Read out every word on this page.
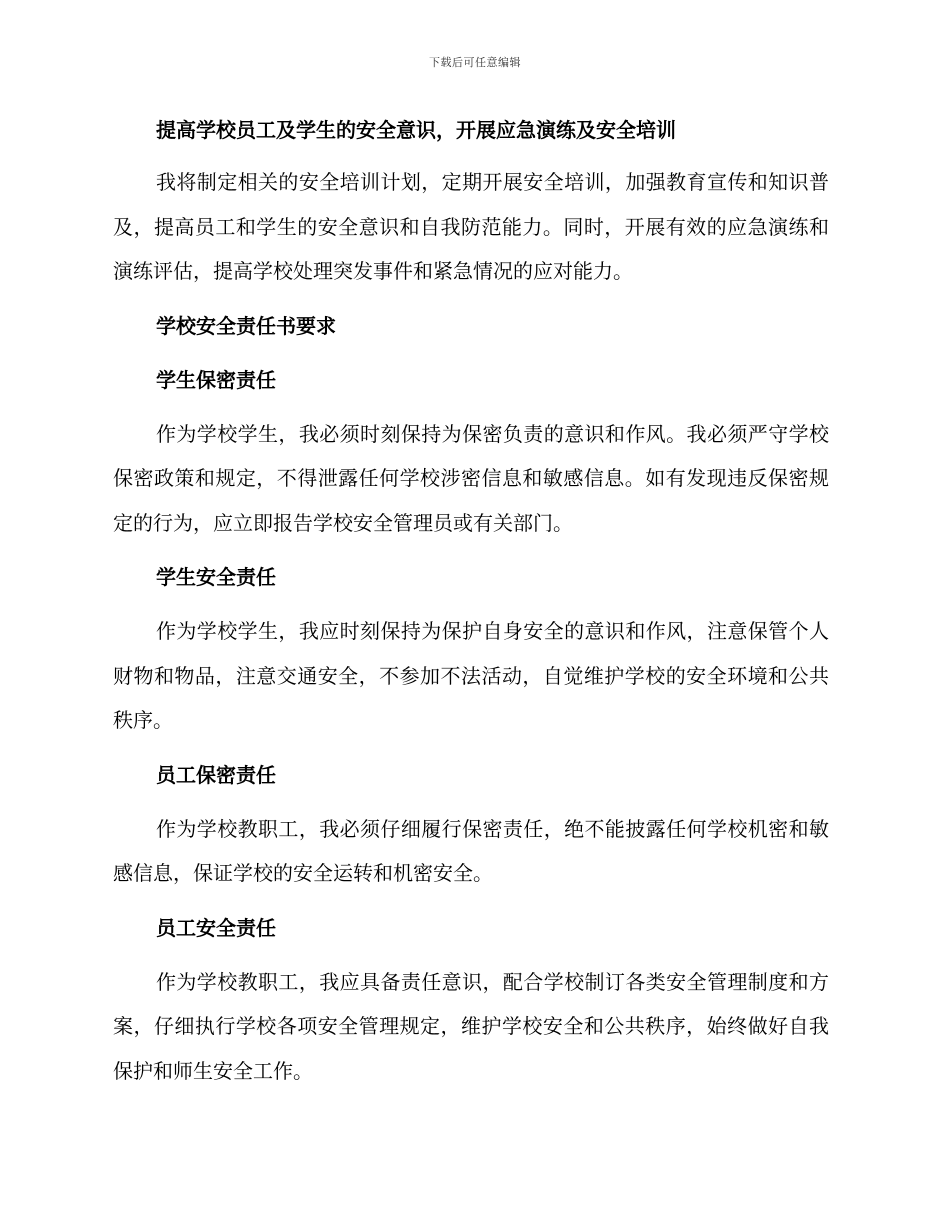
下载后可任意编辑

提高学校员工及学生的安全意识，开展应急演练及安全培训

我将制定相关的安全培训计划，定期开展安全培训，加强教育宣传和知识普及，提高员工和学生的安全意识和自我防范能力。同时，开展有效的应急演练和演练评估，提高学校处理突发事件和紧急情况的应对能力。

学校安全责任书要求

学生保密责任

作为学校学生，我必须时刻保持为保密负责的意识和作风。我必须严守学校保密政策和规定，不得泄露任何学校涉密信息和敏感信息。如有发现违反保密规定的行为，应立即报告学校安全管理员或有关部门。

学生安全责任

作为学校学生，我应时刻保持为保护自身安全的意识和作风，注意保管个人财物和物品，注意交通安全，不参加不法活动，自觉维护学校的安全环境和公共秩序。

员工保密责任

作为学校教职工，我必须仔细履行保密责任，绝不能披露任何学校机密和敏感信息，保证学校的安全运转和机密安全。

员工安全责任

作为学校教职工，我应具备责任意识，配合学校制订各类安全管理制度和方案，仔细执行学校各项安全管理规定，维护学校安全和公共秩序，始终做好自我保护和师生安全工作。
